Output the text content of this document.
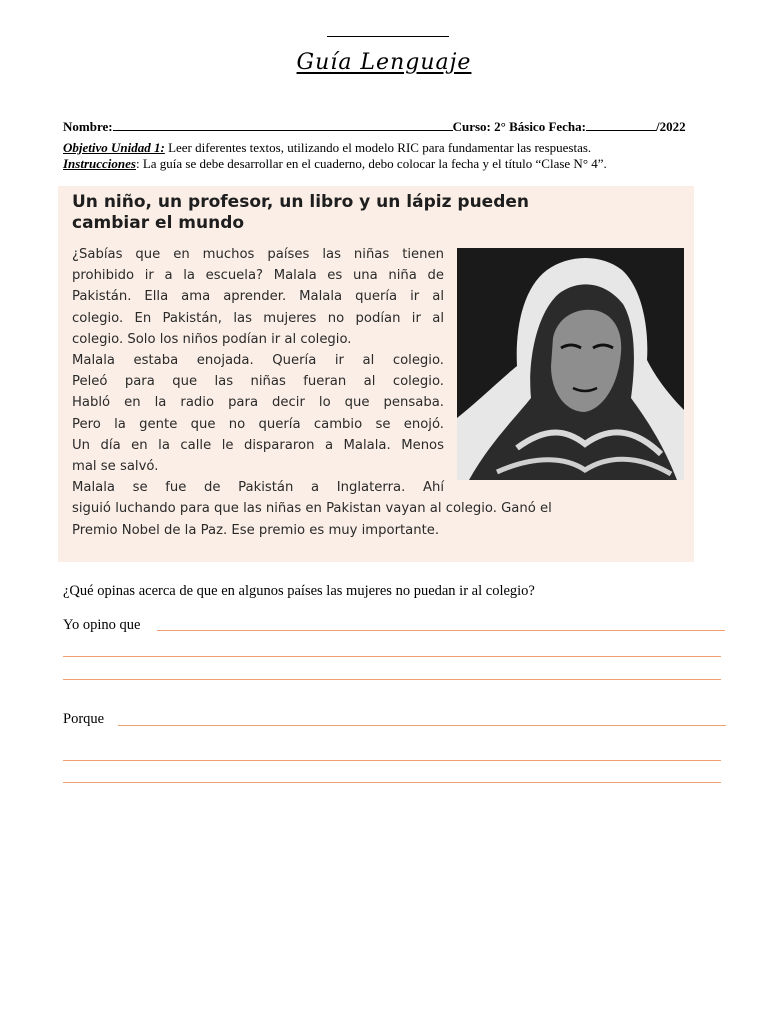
Guía Lenguaje
Nombre:	Curso: 2° Básico Fecha:	/2022
Objetivo Unidad 1: Leer diferentes textos, utilizando el modelo RIC para fundamentar las respuestas.
Instrucciones: La guía se debe desarrollar en el cuaderno, debo colocar la fecha y el título “Clase N° 4”.
Un niño, un profesor, un libro y un lápiz pueden
cambiar el mundo
¿Sabías que en muchos países las niñas tienen
prohibido ir a la escuela? Malala es una niña de
Pakistán. Ella ama aprender. Malala quería ir al
colegio. En Pakistán, las mujeres no podían ir al
colegio. Solo los niños podían ir al colegio.
Malala estaba enojada. Quería ir al colegio.
Peleó para que las niñas fueran al colegio.
Habló en la radio para decir lo que pensaba.
Pero la gente que no quería cambio se enojó.
Un día en la calle le dispararon a Malala. Menos
mal se salvó.
Malala se fue de Pakistán a Inglaterra. Ahí
siguió luchando para que las niñas en Pakistan vayan al colegio. Ganó el
Premio Nobel de la Paz. Ese premio es muy importante.
¿Qué opinas acerca de que en algunos países las mujeres no puedan ir al colegio?
Yo opino que
Porque
